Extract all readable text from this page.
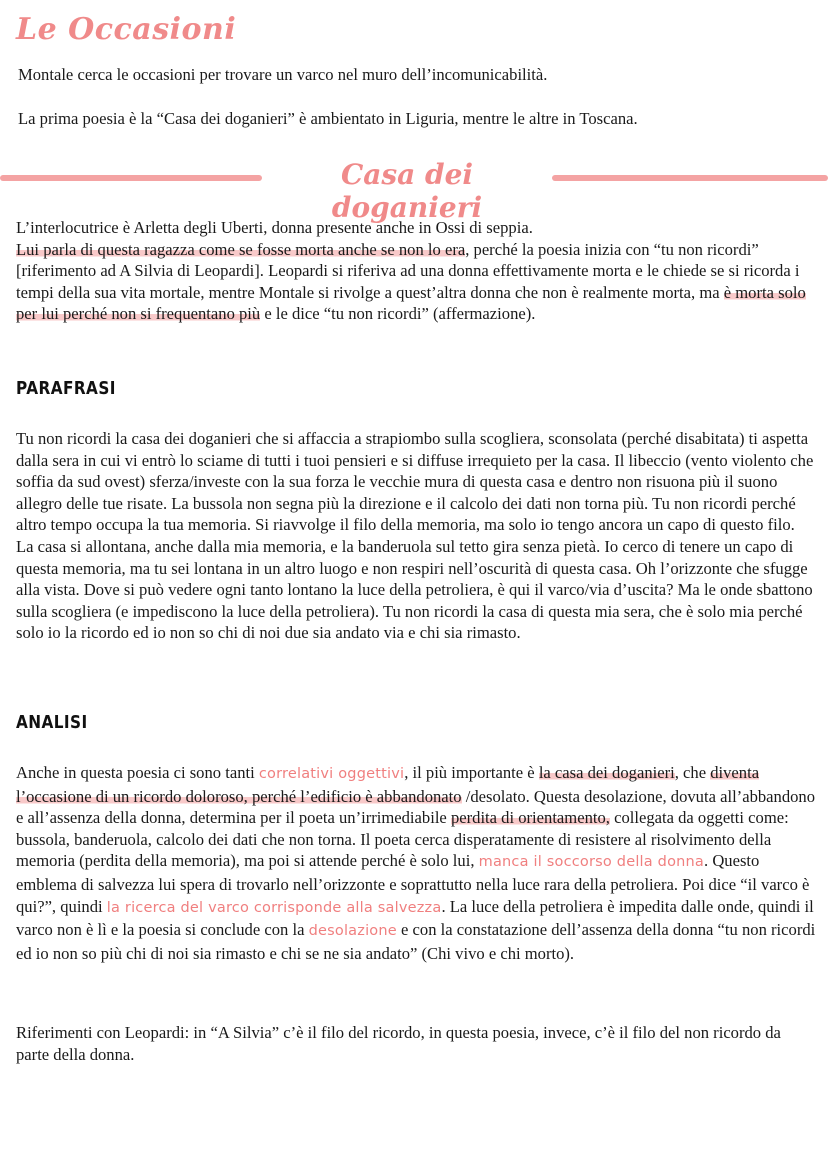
Le Occasioni

Montale cerca le occasioni per trovare un varco nel muro dell’incomunicabilità.

La prima poesia è la “Casa dei doganieri” è ambientato in Liguria, mentre le altre in Toscana.

Casa dei doganieri
L’interlocutrice è Arletta degli Uberti, donna presente anche in Ossi di seppia.
Lui parla di questa ragazza come se fosse morta anche se non lo era, perché la poesia inizia con “tu non ricordi” [riferimento ad A Silvia di Leopardi]. Leopardi si riferiva ad una donna effettivamente morta e le chiede se si ricorda i tempi della sua vita mortale, mentre Montale si rivolge a quest’altra donna che non è realmente morta, ma è morta solo per lui perché non si frequentano più e le dice “tu non ricordi” (affermazione).
PARAFRASI

Tu non ricordi la casa dei doganieri che si affaccia a strapiombo sulla scogliera, sconsolata (perché disabitata) ti aspetta dalla sera in cui vi entrò lo sciame di tutti i tuoi pensieri e si diffuse irrequieto per la casa. Il libeccio (vento violento che soffia da sud ovest) sferza/investe con la sua forza le vecchie mura di questa casa e dentro non risuona più il suono allegro delle tue risate. La bussola non segna più la direzione e il calcolo dei dati non torna più. Tu non ricordi perché altro tempo occupa la tua memoria. Si riavvolge il filo della memoria, ma solo io tengo ancora un capo di questo filo. La casa si allontana, anche dalla mia memoria, e la banderuola sul tetto gira senza pietà. Io cerco di tenere un capo di questa memoria, ma tu sei lontana in un altro luogo e non respiri nell’oscurità di questa casa. Oh l’orizzonte che sfugge alla vista. Dove si può vedere ogni tanto lontano la luce della petroliera, è qui il varco/via d’uscita? Ma le onde sbattono sulla scogliera (e impediscono la luce della petroliera). Tu non ricordi la casa di questa mia sera, che è solo mia perché solo io la ricordo ed io non so chi di noi due sia andato via e chi sia rimasto.

ANALISI

Anche in questa poesia ci sono tanti correlativi oggettivi, il più importante è la casa dei doganieri, che diventa l’occasione di un ricordo doloroso, perché l’edificio è abbandonato /desolato. Questa desolazione, dovuta all’abbandono e all’assenza della donna, determina per il poeta un’irrimediabile perdita di orientamento, collegata da oggetti come: bussola, banderuola, calcolo dei dati che non torna. Il poeta cerca disperatamente di resistere al risolvimento della memoria (perdita della memoria), ma poi si attende perché è solo lui, manca il soccorso della donna. Questo emblema di salvezza lui spera di trovarlo nell’orizzonte e soprattutto nella luce rara della petroliera. Poi dice “il varco è qui?”, quindi la ricerca del varco corrisponde alla salvezza. La luce della petroliera è impedita dalle onde, quindi il varco non è lì e la poesia si conclude con la desolazione e con la constatazione dell’assenza della donna “tu non ricordi ed io non so più chi di noi sia rimasto e chi se ne sia andato” (Chi vivo e chi morto).

Riferimenti con Leopardi: in “A Silvia” c’è il filo del ricordo, in questa poesia, invece, c’è il filo del non ricordo da parte della donna.
